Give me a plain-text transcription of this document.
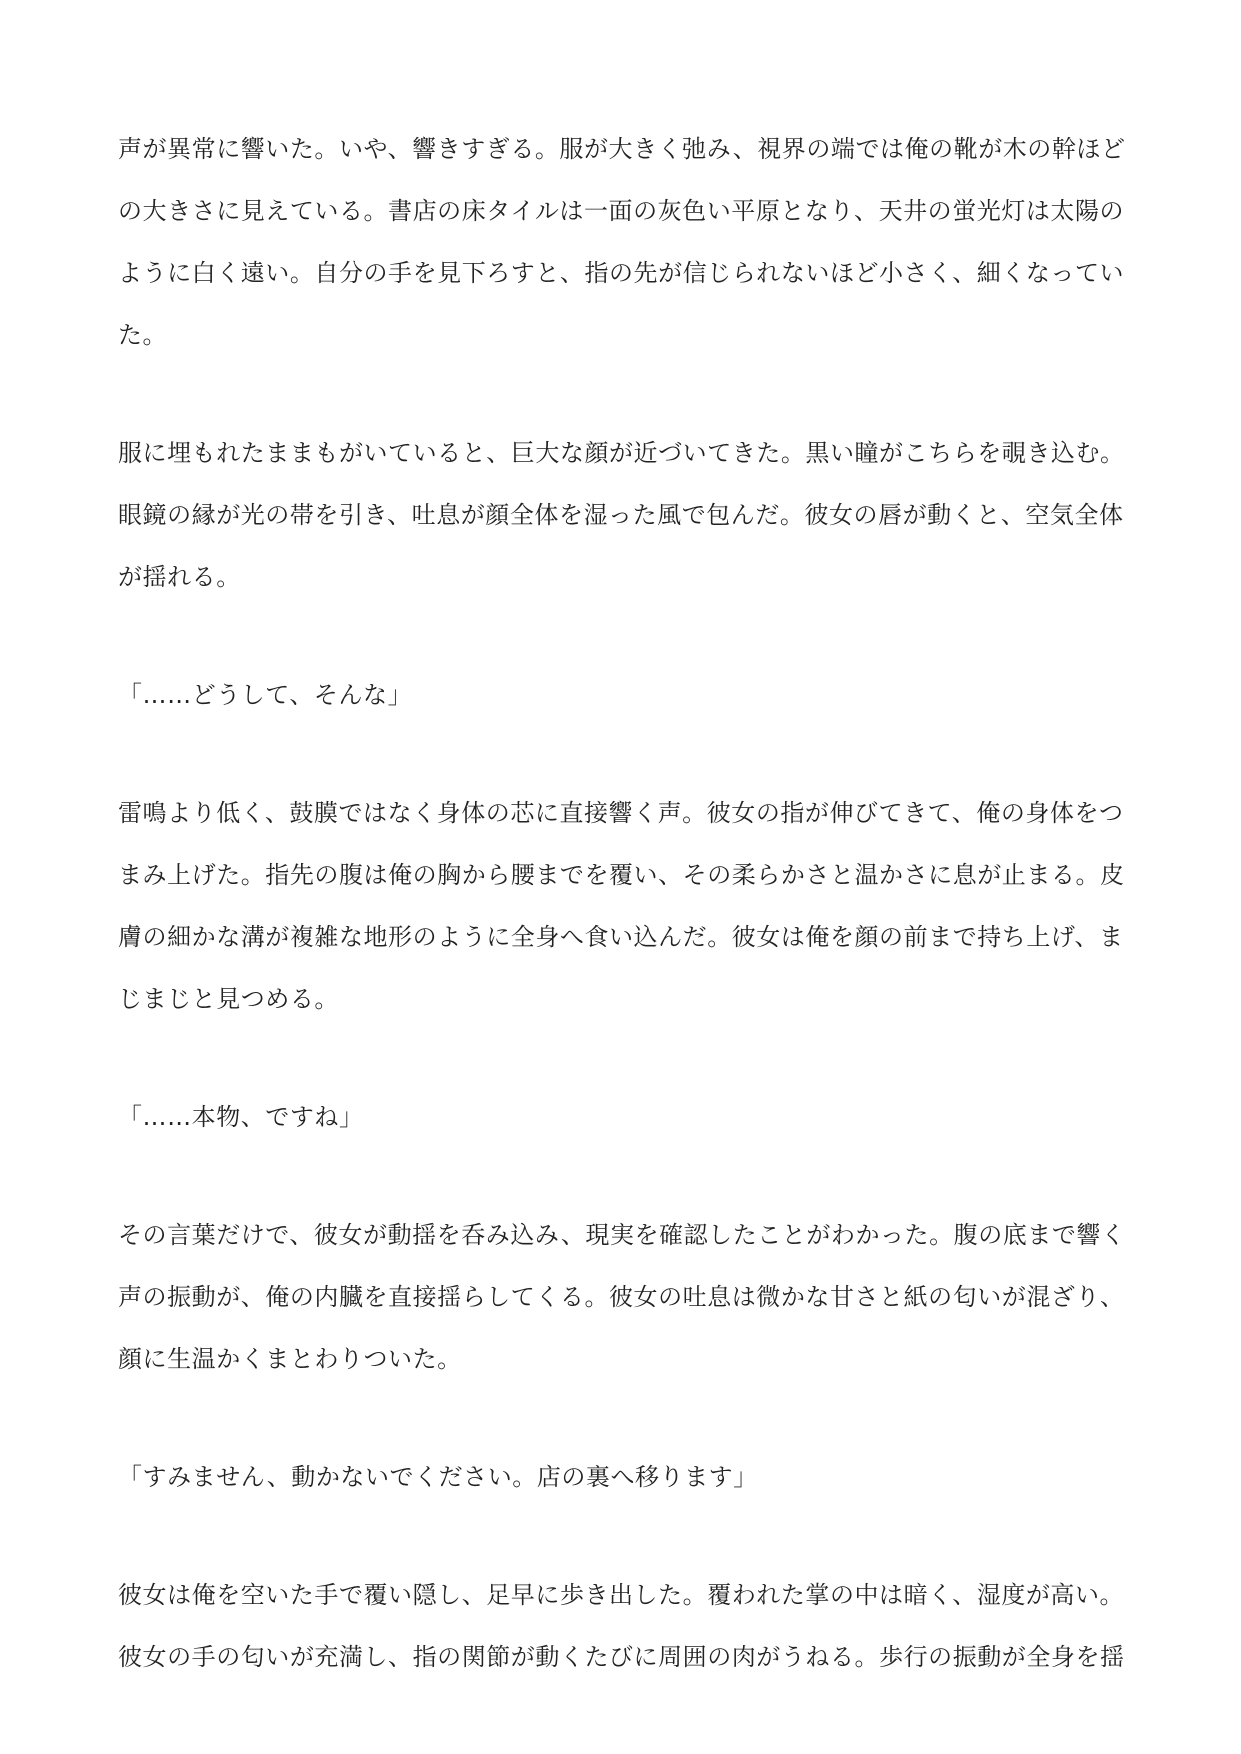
声が異常に響いた。いや、響きすぎる。服が大きく弛み、視界の端では俺の靴が木の幹ほど
の大きさに見えている。書店の床タイルは一面の灰色い平原となり、天井の蛍光灯は太陽の
ように白く遠い。自分の手を見下ろすと、指の先が信じられないほど小さく、細くなってい
た。

服に埋もれたままもがいていると、巨大な顔が近づいてきた。黒い瞳がこちらを覗き込む。
眼鏡の縁が光の帯を引き、吐息が顔全体を湿った風で包んだ。彼女の唇が動くと、空気全体
が揺れる。

「……どうして、そんな」

雷鳴より低く、鼓膜ではなく身体の芯に直接響く声。彼女の指が伸びてきて、俺の身体をつ
まみ上げた。指先の腹は俺の胸から腰までを覆い、その柔らかさと温かさに息が止まる。皮
膚の細かな溝が複雑な地形のように全身へ食い込んだ。彼女は俺を顔の前まで持ち上げ、ま
じまじと見つめる。

「……本物、ですね」

その言葉だけで、彼女が動揺を呑み込み、現実を確認したことがわかった。腹の底まで響く
声の振動が、俺の内臓を直接揺らしてくる。彼女の吐息は微かな甘さと紙の匂いが混ざり、
顔に生温かくまとわりついた。

「すみません、動かないでください。店の裏へ移ります」

彼女は俺を空いた手で覆い隠し、足早に歩き出した。覆われた掌の中は暗く、湿度が高い。
彼女の手の匂いが充満し、指の関節が動くたびに周囲の肉がうねる。歩行の振動が全身を揺
